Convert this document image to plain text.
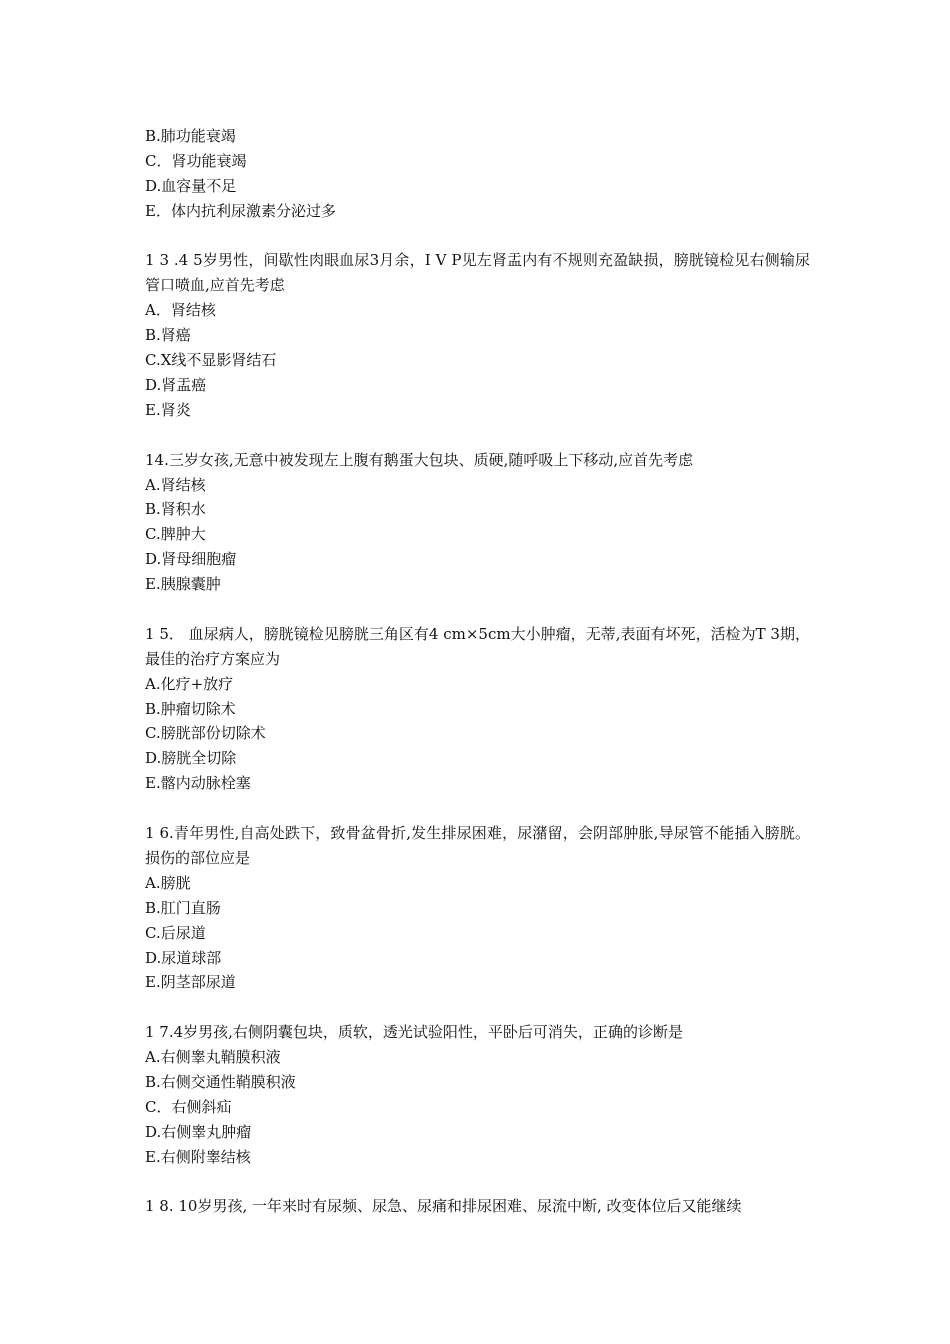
B.肺功能衰竭
C．肾功能衰竭
D.血容量不足
E．体内抗利尿激素分泌过多
1 3 .4 5岁男性，间歇性肉眼血尿3月余，I V P见左肾盂内有不规则充盈缺损，膀胱镜检见右侧输尿管口喷血,应首先考虑
A．肾结核
B.肾癌
C.X线不显影肾结石
D.肾盂癌
E.肾炎
14.三岁女孩,无意中被发现左上腹有鹅蛋大包块、质硬,随呼吸上下移动,应首先考虑
A.肾结核
B.肾积水
C.脾肿大
D.肾母细胞瘤
E.胰腺囊肿
1 5． 血尿病人，膀胱镜检见膀胱三角区有4 cm×5cm大小肿瘤，无蒂,表面有坏死，活检为T 3期，最佳的治疗方案应为
A.化疗+放疗
B.肿瘤切除术
C.膀胱部份切除术
D.膀胱全切除
E.髂内动脉栓塞
1 6.青年男性,自高处跌下，致骨盆骨折,发生排尿困难，尿潴留，会阴部肿胀,导尿管不能插入膀胱。损伤的部位应是
A.膀胱
B.肛门直肠
C.后尿道
D.尿道球部
E.阴茎部尿道
1 7.4岁男孩,右侧阴囊包块，质软，透光试验阳性，平卧后可消失，正确的诊断是
A.右侧睾丸鞘膜积液
B.右侧交通性鞘膜积液
C．右侧斜疝
D.右侧睾丸肿瘤
E.右侧附睾结核
1 8. 10岁男孩, 一年来时有尿频、尿急、尿痛和排尿困难、尿流中断, 改变体位后又能继续
